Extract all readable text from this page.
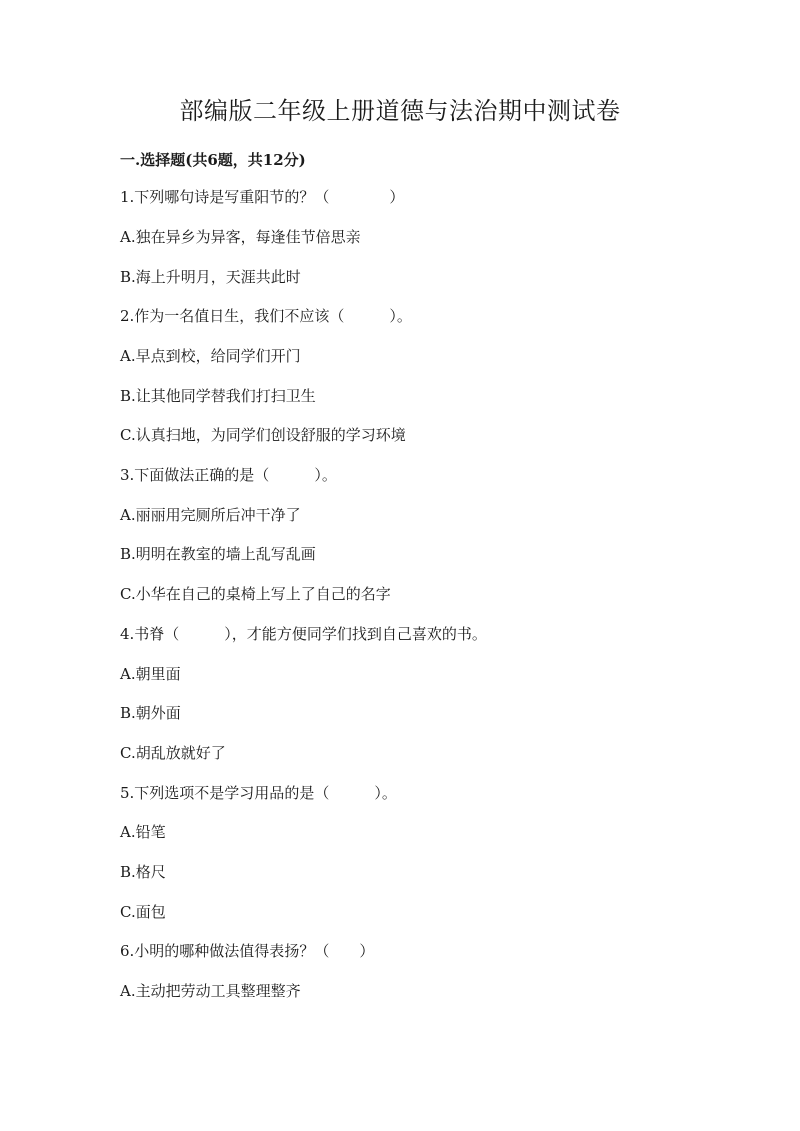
部编版二年级上册道德与法治期中测试卷
一.选择题(共6题，共12分)
1.下列哪句诗是写重阳节的？（　　　　）
A.独在异乡为异客，每逢佳节倍思亲
B.海上升明月，天涯共此时
2.作为一名值日生，我们不应该（　　　）。
A.早点到校，给同学们开门
B.让其他同学替我们打扫卫生
C.认真扫地，为同学们创设舒服的学习环境
3.下面做法正确的是（　　　）。
A.丽丽用完厕所后冲干净了
B.明明在教室的墙上乱写乱画
C.小华在自己的桌椅上写上了自己的名字
4.书脊（　　　），才能方便同学们找到自己喜欢的书。
A.朝里面
B.朝外面
C.胡乱放就好了
5.下列选项不是学习用品的是（　　　）。
A.铅笔
B.格尺
C.面包
6.小明的哪种做法值得表扬？（　　）
A.主动把劳动工具整理整齐
